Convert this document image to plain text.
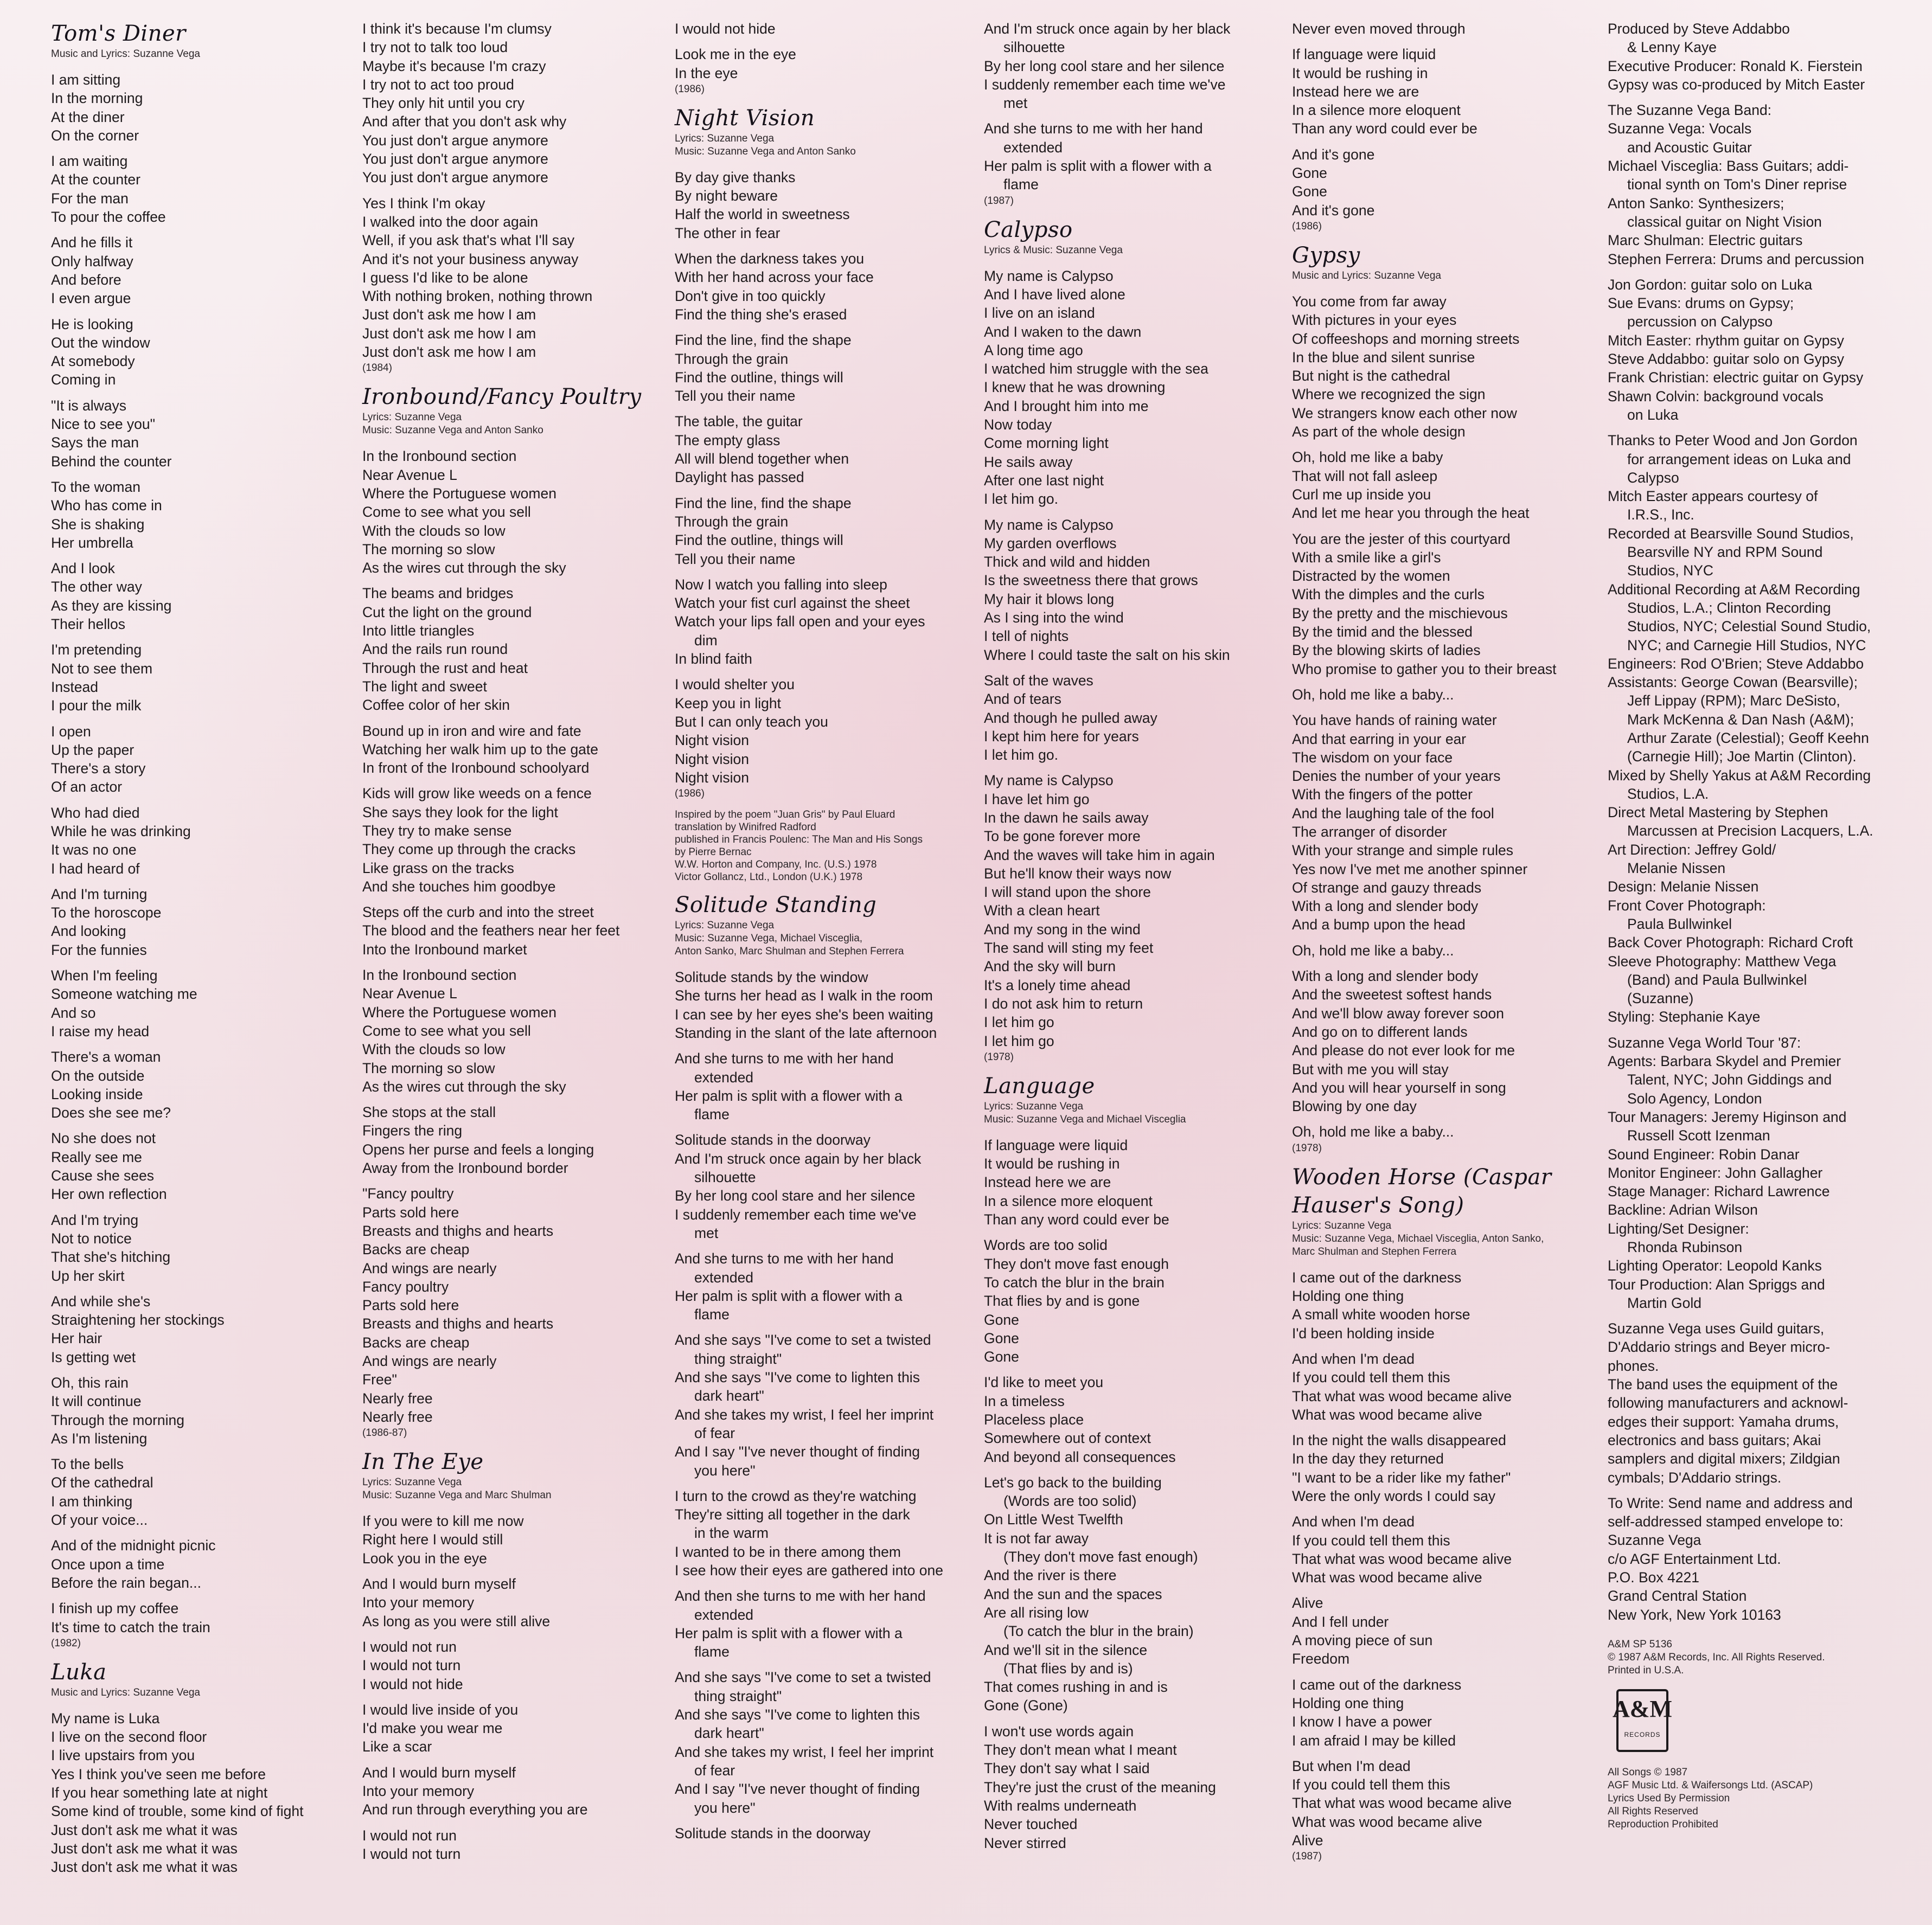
Tom's Diner
Music and Lyrics: Suzanne Vega
I am sitting
In the morning
At the diner
On the corner
I am waiting
At the counter
For the man
To pour the coffee
And he fills it
Only halfway
And before
I even argue
He is looking
Out the window
At somebody
Coming in
"It is always
Nice to see you"
Says the man
Behind the counter
To the woman
Who has come in
She is shaking
Her umbrella
And I look
The other way
As they are kissing
Their hellos
I'm pretending
Not to see them
Instead
I pour the milk
I open
Up the paper
There's a story
Of an actor
Who had died
While he was drinking
It was no one
I had heard of
And I'm turning
To the horoscope
And looking
For the funnies
When I'm feeling
Someone watching me
And so
I raise my head
There's a woman
On the outside
Looking inside
Does she see me?
No she does not
Really see me
Cause she sees
Her own reflection
And I'm trying
Not to notice
That she's hitching
Up her skirt
And while she's
Straightening her stockings
Her hair
Is getting wet
Oh, this rain
It will continue
Through the morning
As I'm listening
To the bells
Of the cathedral
I am thinking
Of your voice...
And of the midnight picnic
Once upon a time
Before the rain began...
I finish up my coffee
It's time to catch the train
(1982)
Luka
Music and Lyrics: Suzanne Vega
My name is Luka
I live on the second floor
I live upstairs from you
Yes I think you've seen me before
If you hear something late at night
Some kind of trouble, some kind of fight
Just don't ask me what it was
Just don't ask me what it was
Just don't ask me what it was
I think it's because I'm clumsy
I try not to talk too loud
Maybe it's because I'm crazy
I try not to act too proud
They only hit until you cry
And after that you don't ask why
You just don't argue anymore
You just don't argue anymore
You just don't argue anymore
Yes I think I'm okay
I walked into the door again
Well, if you ask that's what I'll say
And it's not your business anyway
I guess I'd like to be alone
With nothing broken, nothing thrown
Just don't ask me how I am
Just don't ask me how I am
Just don't ask me how I am
(1984)
Ironbound/Fancy Poultry
Lyrics: Suzanne Vega
Music: Suzanne Vega and Anton Sanko
In the Ironbound section
Near Avenue L
Where the Portuguese women
Come to see what you sell
With the clouds so low
The morning so slow
As the wires cut through the sky
The beams and bridges
Cut the light on the ground
Into little triangles
And the rails run round
Through the rust and heat
The light and sweet
Coffee color of her skin
Bound up in iron and wire and fate
Watching her walk him up to the gate
In front of the Ironbound schoolyard
Kids will grow like weeds on a fence
She says they look for the light
They try to make sense
They come up through the cracks
Like grass on the tracks
And she touches him goodbye
Steps off the curb and into the street
The blood and the feathers near her feet
Into the Ironbound market
In the Ironbound section
Near Avenue L
Where the Portuguese women
Come to see what you sell
With the clouds so low
The morning so slow
As the wires cut through the sky
She stops at the stall
Fingers the ring
Opens her purse and feels a longing
Away from the Ironbound border
"Fancy poultry
Parts sold here
Breasts and thighs and hearts
Backs are cheap
And wings are nearly
Fancy poultry
Parts sold here
Breasts and thighs and hearts
Backs are cheap
And wings are nearly
Free"
Nearly free
Nearly free
(1986-87)
In The Eye
Lyrics: Suzanne Vega
Music: Suzanne Vega and Marc Shulman
If you were to kill me now
Right here I would still
Look you in the eye
And I would burn myself
Into your memory
As long as you were still alive
I would not run
I would not turn
I would not hide
I would live inside of you
I'd make you wear me
Like a scar
And I would burn myself
Into your memory
And run through everything you are
I would not run
I would not turn
I would not hide
Look me in the eye
In the eye
(1986)
Night Vision
Lyrics: Suzanne Vega
Music: Suzanne Vega and Anton Sanko
By day give thanks
By night beware
Half the world in sweetness
The other in fear
When the darkness takes you
With her hand across your face
Don't give in too quickly
Find the thing she's erased
Find the line, find the shape
Through the grain
Find the outline, things will
Tell you their name
The table, the guitar
The empty glass
All will blend together when
Daylight has passed
Find the line, find the shape
Through the grain
Find the outline, things will
Tell you their name
Now I watch you falling into sleep
Watch your fist curl against the sheet
Watch your lips fall open and your eyes
dim
In blind faith
I would shelter you
Keep you in light
But I can only teach you
Night vision
Night vision
Night vision
(1986)
Inspired by the poem "Juan Gris" by Paul Eluard
translation by Winifred Radford
published in Francis Poulenc: The Man and His Songs
by Pierre Bernac
W.W. Horton and Company, Inc. (U.S.) 1978
Victor Gollancz, Ltd., London (U.K.) 1978
Solitude Standing
Lyrics: Suzanne Vega
Music: Suzanne Vega, Michael Visceglia,
Anton Sanko, Marc Shulman and Stephen Ferrera
Solitude stands by the window
She turns her head as I walk in the room
I can see by her eyes she's been waiting
Standing in the slant of the late afternoon
And she turns to me with her hand
extended
Her palm is split with a flower with a
flame
Solitude stands in the doorway
And I'm struck once again by her black
silhouette
By her long cool stare and her silence
I suddenly remember each time we've
met
And she turns to me with her hand
extended
Her palm is split with a flower with a
flame
And she says "I've come to set a twisted
thing straight"
And she says "I've come to lighten this
dark heart"
And she takes my wrist, I feel her imprint
of fear
And I say "I've never thought of finding
you here"
I turn to the crowd as they're watching
They're sitting all together in the dark
in the warm
I wanted to be in there among them
I see how their eyes are gathered into one
And then she turns to me with her hand
extended
Her palm is split with a flower with a
flame
And she says "I've come to set a twisted
thing straight"
And she says "I've come to lighten this
dark heart"
And she takes my wrist, I feel her imprint
of fear
And I say "I've never thought of finding
you here"
Solitude stands in the doorway
And I'm struck once again by her black
silhouette
By her long cool stare and her silence
I suddenly remember each time we've
met
And she turns to me with her hand
extended
Her palm is split with a flower with a
flame
(1987)
Calypso
Lyrics & Music: Suzanne Vega
My name is Calypso
And I have lived alone
I live on an island
And I waken to the dawn
A long time ago
I watched him struggle with the sea
I knew that he was drowning
And I brought him into me
Now today
Come morning light
He sails away
After one last night
I let him go.
My name is Calypso
My garden overflows
Thick and wild and hidden
Is the sweetness there that grows
My hair it blows long
As I sing into the wind
I tell of nights
Where I could taste the salt on his skin
Salt of the waves
And of tears
And though he pulled away
I kept him here for years
I let him go.
My name is Calypso
I have let him go
In the dawn he sails away
To be gone forever more
And the waves will take him in again
But he'll know their ways now
I will stand upon the shore
With a clean heart
And my song in the wind
The sand will sting my feet
And the sky will burn
It's a lonely time ahead
I do not ask him to return
I let him go
I let him go
(1978)
Language
Lyrics: Suzanne Vega
Music: Suzanne Vega and Michael Visceglia
If language were liquid
It would be rushing in
Instead here we are
In a silence more eloquent
Than any word could ever be
Words are too solid
They don't move fast enough
To catch the blur in the brain
That flies by and is gone
Gone
Gone
Gone
I'd like to meet you
In a timeless
Placeless place
Somewhere out of context
And beyond all consequences
Let's go back to the building
(Words are too solid)
On Little West Twelfth
It is not far away
(They don't move fast enough)
And the river is there
And the sun and the spaces
Are all rising low
(To catch the blur in the brain)
And we'll sit in the silence
(That flies by and is)
That comes rushing in and is
Gone (Gone)
I won't use words again
They don't mean what I meant
They don't say what I said
They're just the crust of the meaning
With realms underneath
Never touched
Never stirred
Never even moved through
If language were liquid
It would be rushing in
Instead here we are
In a silence more eloquent
Than any word could ever be
And it's gone
Gone
Gone
And it's gone
(1986)
Gypsy
Music and Lyrics: Suzanne Vega
You come from far away
With pictures in your eyes
Of coffeeshops and morning streets
In the blue and silent sunrise
But night is the cathedral
Where we recognized the sign
We strangers know each other now
As part of the whole design
Oh, hold me like a baby
That will not fall asleep
Curl me up inside you
And let me hear you through the heat
You are the jester of this courtyard
With a smile like a girl's
Distracted by the women
With the dimples and the curls
By the pretty and the mischievous
By the timid and the blessed
By the blowing skirts of ladies
Who promise to gather you to their breast
Oh, hold me like a baby...
You have hands of raining water
And that earring in your ear
The wisdom on your face
Denies the number of your years
With the fingers of the potter
And the laughing tale of the fool
The arranger of disorder
With your strange and simple rules
Yes now I've met me another spinner
Of strange and gauzy threads
With a long and slender body
And a bump upon the head
Oh, hold me like a baby...
With a long and slender body
And the sweetest softest hands
And we'll blow away forever soon
And go on to different lands
And please do not ever look for me
But with me you will stay
And you will hear yourself in song
Blowing by one day
Oh, hold me like a baby...
(1978)
Wooden Horse (Caspar Hauser's Song)
Lyrics: Suzanne Vega
Music: Suzanne Vega, Michael Visceglia, Anton Sanko,
Marc Shulman and Stephen Ferrera
I came out of the darkness
Holding one thing
A small white wooden horse
I'd been holding inside
And when I'm dead
If you could tell them this
That what was wood became alive
What was wood became alive
In the night the walls disappeared
In the day they returned
"I want to be a rider like my father"
Were the only words I could say
And when I'm dead
If you could tell them this
That what was wood became alive
What was wood became alive
Alive
And I fell under
A moving piece of sun
Freedom
I came out of the darkness
Holding one thing
I know I have a power
I am afraid I may be killed
But when I'm dead
If you could tell them this
That what was wood became alive
What was wood became alive
Alive
(1987)
Produced by Steve Addabbo
& Lenny Kaye
Executive Producer: Ronald K. Fierstein
Gypsy was co-produced by Mitch Easter
The Suzanne Vega Band:
Suzanne Vega: Vocals
and Acoustic Guitar
Michael Visceglia: Bass Guitars; addi-
tional synth on Tom's Diner reprise
Anton Sanko: Synthesizers;
classical guitar on Night Vision
Marc Shulman: Electric guitars
Stephen Ferrera: Drums and percussion
Jon Gordon: guitar solo on Luka
Sue Evans: drums on Gypsy;
percussion on Calypso
Mitch Easter: rhythm guitar on Gypsy
Steve Addabbo: guitar solo on Gypsy
Frank Christian: electric guitar on Gypsy
Shawn Colvin: background vocals
on Luka
Thanks to Peter Wood and Jon Gordon
for arrangement ideas on Luka and
Calypso
Mitch Easter appears courtesy of
I.R.S., Inc.
Recorded at Bearsville Sound Studios,
Bearsville NY and RPM Sound
Studios, NYC
Additional Recording at A&M Recording
Studios, L.A.; Clinton Recording
Studios, NYC; Celestial Sound Studio,
NYC; and Carnegie Hill Studios, NYC
Engineers: Rod O'Brien; Steve Addabbo
Assistants: George Cowan (Bearsville);
Jeff Lippay (RPM); Marc DeSisto,
Mark McKenna & Dan Nash (A&M);
Arthur Zarate (Celestial); Geoff Keehn
(Carnegie Hill); Joe Martin (Clinton).
Mixed by Shelly Yakus at A&M Recording
Studios, L.A.
Direct Metal Mastering by Stephen
Marcussen at Precision Lacquers, L.A.
Art Direction: Jeffrey Gold/
Melanie Nissen
Design: Melanie Nissen
Front Cover Photograph:
Paula Bullwinkel
Back Cover Photograph: Richard Croft
Sleeve Photography: Matthew Vega
(Band) and Paula Bullwinkel
(Suzanne)
Styling: Stephanie Kaye
Suzanne Vega World Tour '87:
Agents: Barbara Skydel and Premier
Talent, NYC; John Giddings and
Solo Agency, London
Tour Managers: Jeremy Higinson and
Russell Scott Izenman
Sound Engineer: Robin Danar
Monitor Engineer: John Gallagher
Stage Manager: Richard Lawrence
Backline: Adrian Wilson
Lighting/Set Designer:
Rhonda Rubinson
Lighting Operator: Leopold Kanks
Tour Production: Alan Spriggs and
Martin Gold
Suzanne Vega uses Guild guitars,
D'Addario strings and Beyer micro-
phones.
The band uses the equipment of the
following manufacturers and acknowl-
edges their support: Yamaha drums,
electronics and bass guitars; Akai
samplers and digital mixers; Zildgian
cymbals; D'Addario strings.
To Write: Send name and address and
self-addressed stamped envelope to:
Suzanne Vega
c/o AGF Entertainment Ltd.
P.O. Box 4221
Grand Central Station
New York, New York 10163
A&M SP 5136
© 1987 A&M Records, Inc. All Rights Reserved.
Printed in U.S.A.
A&M
RECORDS
All Songs © 1987
AGF Music Ltd. & Waifersongs Ltd. (ASCAP)
Lyrics Used By Permission
All Rights Reserved
Reproduction Prohibited
